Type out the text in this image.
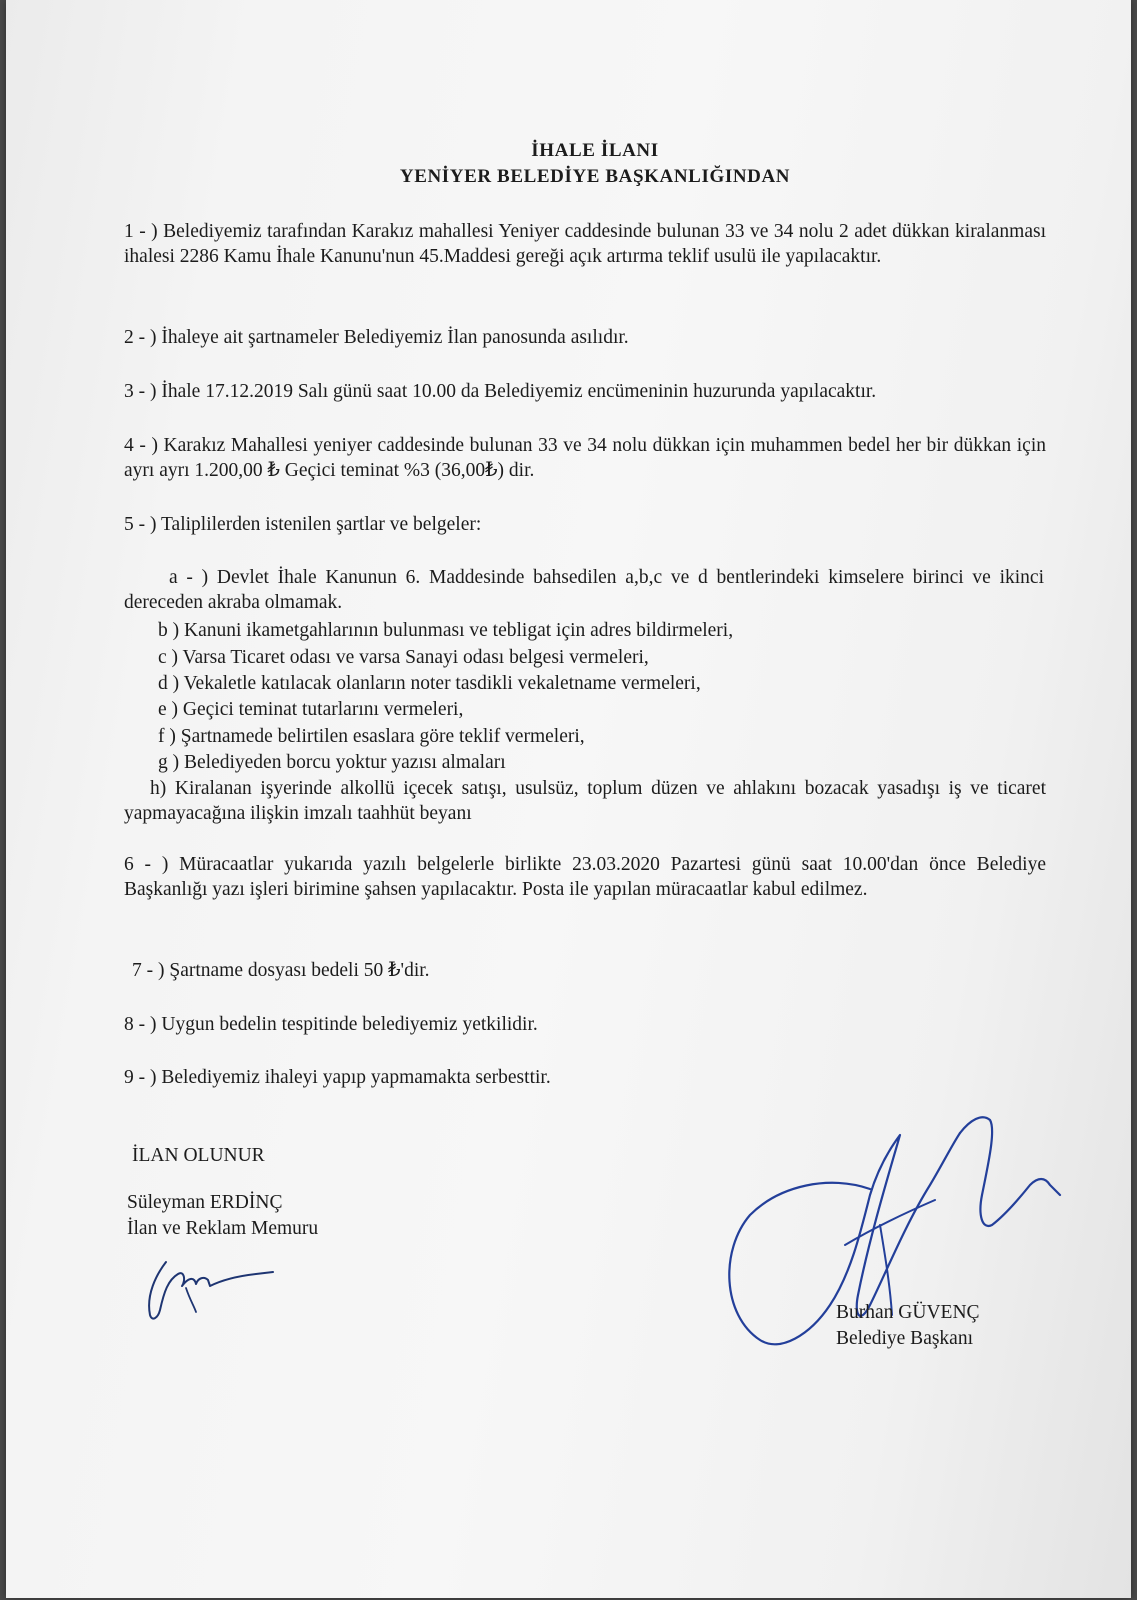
İHALE İLANI
YENİYER BELEDİYE BAŞKANLIĞINDAN
1 - ) Belediyemiz tarafından Karakız mahallesi Yeniyer caddesinde bulunan 33 ve 34 nolu 2 adet dükkan kiralanması ihalesi 2286 Kamu İhale Kanunu'nun 45.Maddesi gereği açık artırma teklif usulü ile yapılacaktır.
2 - ) İhaleye ait şartnameler Belediyemiz İlan panosunda asılıdır.
3 - ) İhale 17.12.2019 Salı günü saat 10.00 da Belediyemiz encümeninin huzurunda yapılacaktır.
4 - ) Karakız Mahallesi yeniyer caddesinde bulunan 33 ve 34 nolu dükkan için muhammen bedel her bir dükkan için ayrı ayrı 1.200,00 ₺ Geçici teminat %3 (36,00₺) dir.
5 - ) Taliplilerden istenilen şartlar ve belgeler:
a - ) Devlet İhale Kanunun 6. Maddesinde bahsedilen a,b,c ve d bentlerindeki kimselere birinci ve ikinci dereceden akraba olmamak.
b ) Kanuni ikametgahlarının bulunması ve tebligat için adres bildirmeleri,
c ) Varsa Ticaret odası ve varsa Sanayi odası belgesi vermeleri,
d ) Vekaletle katılacak olanların noter tasdikli vekaletname vermeleri,
e ) Geçici teminat tutarlarını vermeleri,
f ) Şartnamede belirtilen esaslara göre teklif vermeleri,
g ) Belediyeden borcu yoktur yazısı almaları
h) Kiralanan işyerinde alkollü içecek satışı, usulsüz, toplum düzen ve ahlakını bozacak yasadışı iş ve ticaret yapmayacağına ilişkin imzalı taahhüt beyanı
6 - ) Müracaatlar yukarıda yazılı belgelerle birlikte 23.03.2020 Pazartesi günü saat 10.00'dan önce Belediye Başkanlığı yazı işleri birimine şahsen yapılacaktır. Posta ile yapılan müracaatlar kabul edilmez.
7 - ) Şartname dosyası bedeli 50 ₺'dir.
8 - ) Uygun bedelin tespitinde belediyemiz yetkilidir.
9 - ) Belediyemiz ihaleyi yapıp yapmamakta serbesttir.
İLAN OLUNUR
Süleyman ERDİNÇ
İlan ve Reklam Memuru
Burhan GÜVENÇ
Belediye Başkanı
